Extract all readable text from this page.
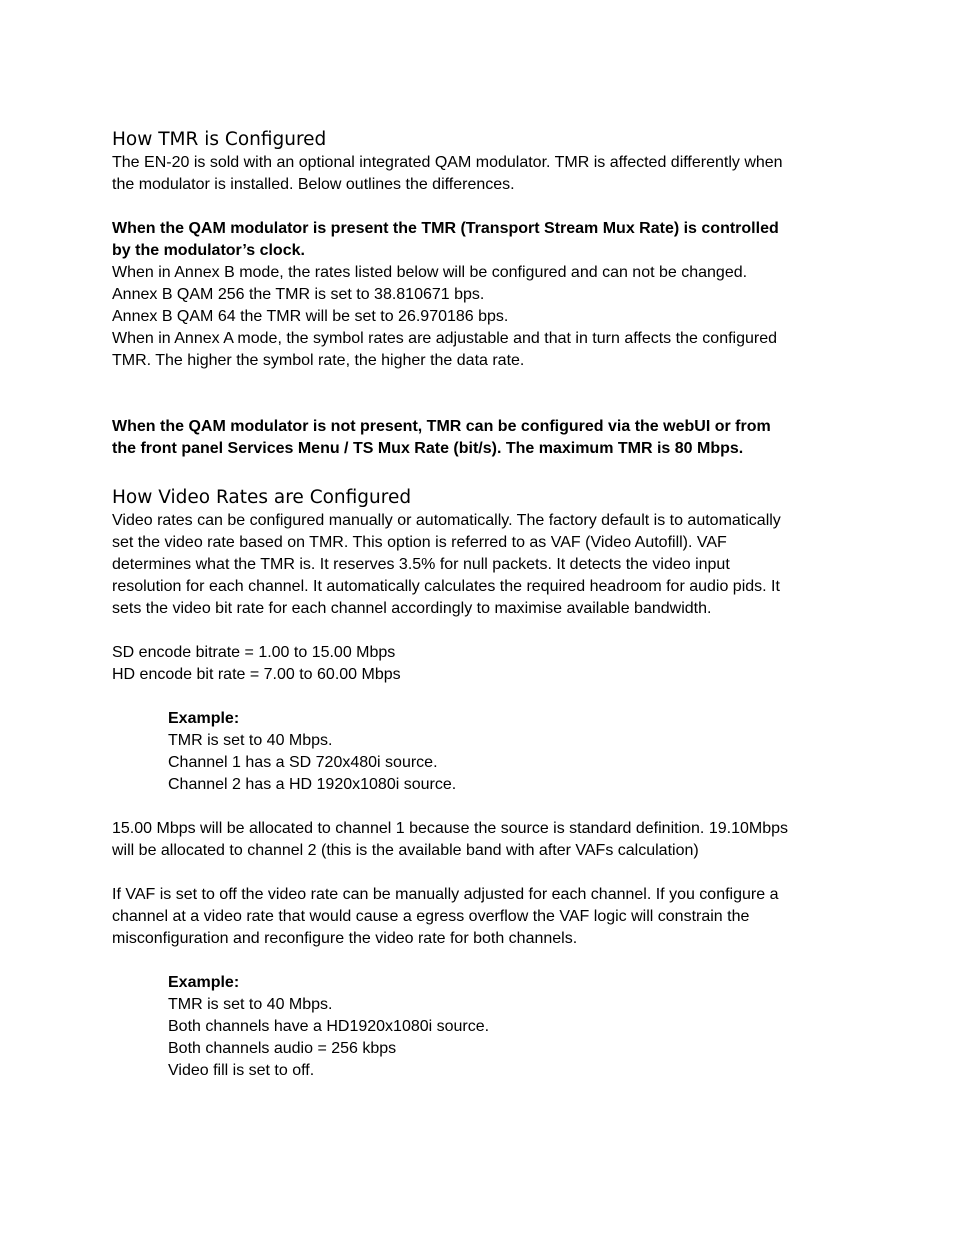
How TMR is Configured
The EN-20 is sold with an optional integrated QAM modulator. TMR is affected differently when
the modulator is installed. Below outlines the differences.
When the QAM modulator is present the TMR (Transport Stream Mux Rate) is controlled
by the modulator’s clock.
When in Annex B mode, the rates listed below will be configured and can not be changed.
Annex B QAM 256 the TMR is set to 38.810671 bps.
Annex B QAM 64 the TMR will be set to 26.970186 bps.
When in Annex A mode, the symbol rates are adjustable and that in turn affects the configured
TMR. The higher the symbol rate, the higher the data rate.
When the QAM modulator is not present, TMR can be configured via the webUI or from
the front panel Services Menu / TS Mux Rate (bit/s). The maximum TMR is 80 Mbps.
How Video Rates are Configured
Video rates can be configured manually or automatically. The factory default is to automatically
set the video rate based on TMR. This option is referred to as VAF (Video Autofill). VAF
determines what the TMR is. It reserves 3.5% for null packets. It detects the video input
resolution for each channel. It automatically calculates the required headroom for audio pids. It
sets the video bit rate for each channel accordingly to maximise available bandwidth.
SD encode bitrate = 1.00 to 15.00 Mbps
HD encode bit rate = 7.00 to 60.00 Mbps
Example:
TMR is set to 40 Mbps.
Channel 1 has a SD 720x480i source.
Channel 2 has a HD 1920x1080i source.
15.00 Mbps will be allocated to channel 1 because the source is standard definition. 19.10Mbps
will be allocated to channel 2 (this is the available band with after VAFs calculation)
If VAF is set to off the video rate can be manually adjusted for each channel. If you configure a
channel at a video rate that would cause a egress overflow the VAF logic will constrain the
misconfiguration and reconfigure the video rate for both channels.
Example:
TMR is set to 40 Mbps.
Both channels have a HD1920x1080i source.
Both channels audio = 256 kbps
Video fill is set to off.
